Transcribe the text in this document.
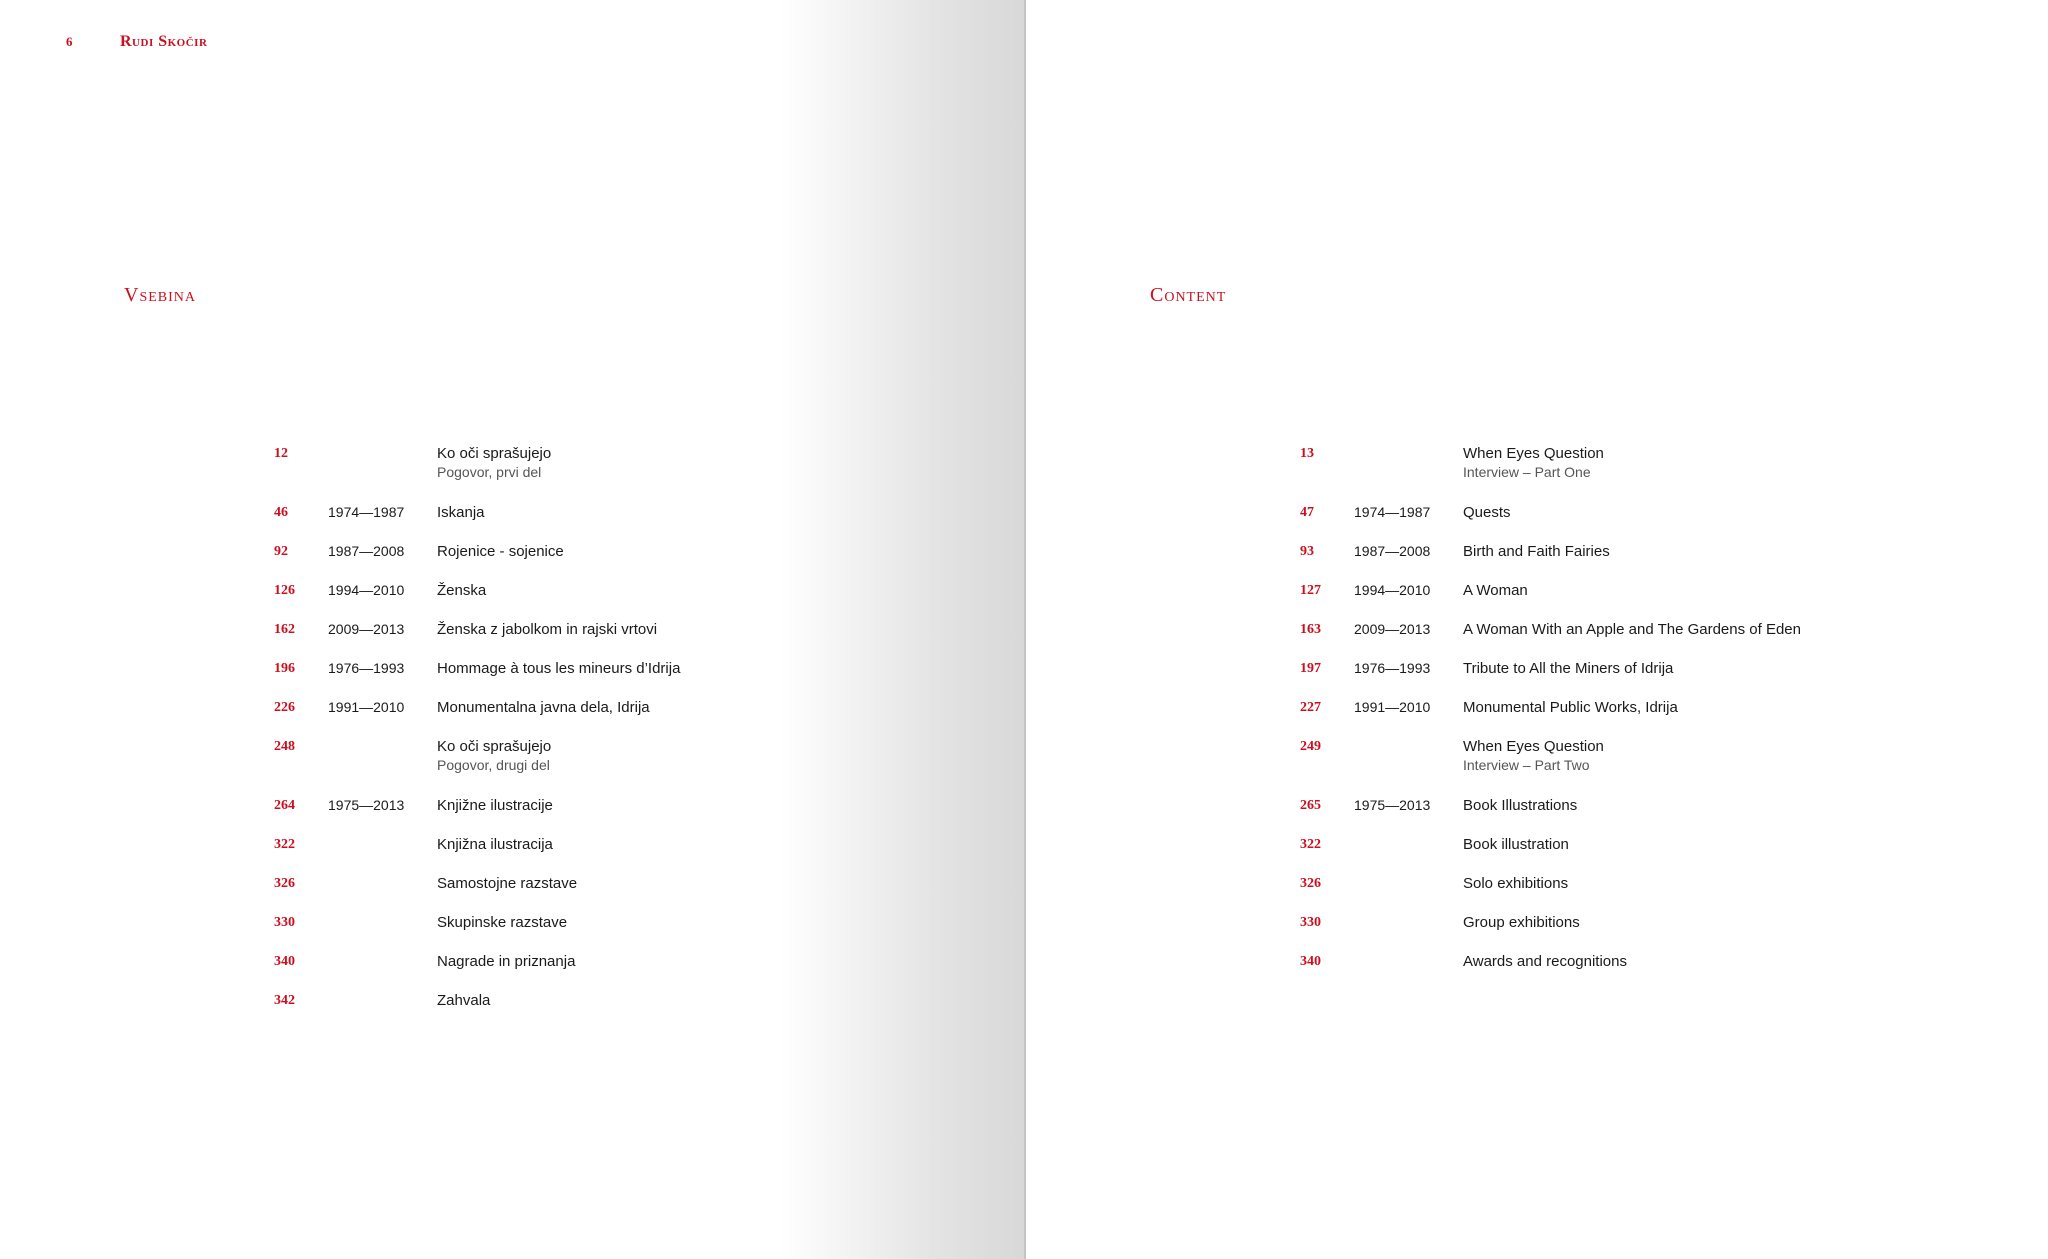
6	Rudi Skočir
Vsebina
12	Ko oči sprašujejo
Pogovor, prvi del
46	1974—1987	Iskanja
92	1987—2008	Rojenice - sojenice
126	1994—2010	Ženska
162	2009—2013	Ženska z jabolkom in rajski vrtovi
196	1976—1993	Hommage à tous les mineurs d’Idrija
226	1991—2010	Monumentalna javna dela, Idrija
248	Ko oči sprašujejo
Pogovor, drugi del
264	1975—2013	Knjižne ilustracije
322	Knjižna ilustracija
326	Samostojne razstave
330	Skupinske razstave
340	Nagrade in priznanja
342	Zahvala
Content
13	When Eyes Question
Interview – Part One
47	1974—1987	Quests
93	1987—2008	Birth and Faith Fairies
127	1994—2010	A Woman
163	2009—2013	A Woman With an Apple and The Gardens of Eden
197	1976—1993	Tribute to All the Miners of Idrija
227	1991—2010	Monumental Public Works, Idrija
249	When Eyes Question
Interview – Part Two
265	1975—2013	Book Illustrations
322	Book illustration
326	Solo exhibitions
330	Group exhibitions
340	Awards and recognitions
